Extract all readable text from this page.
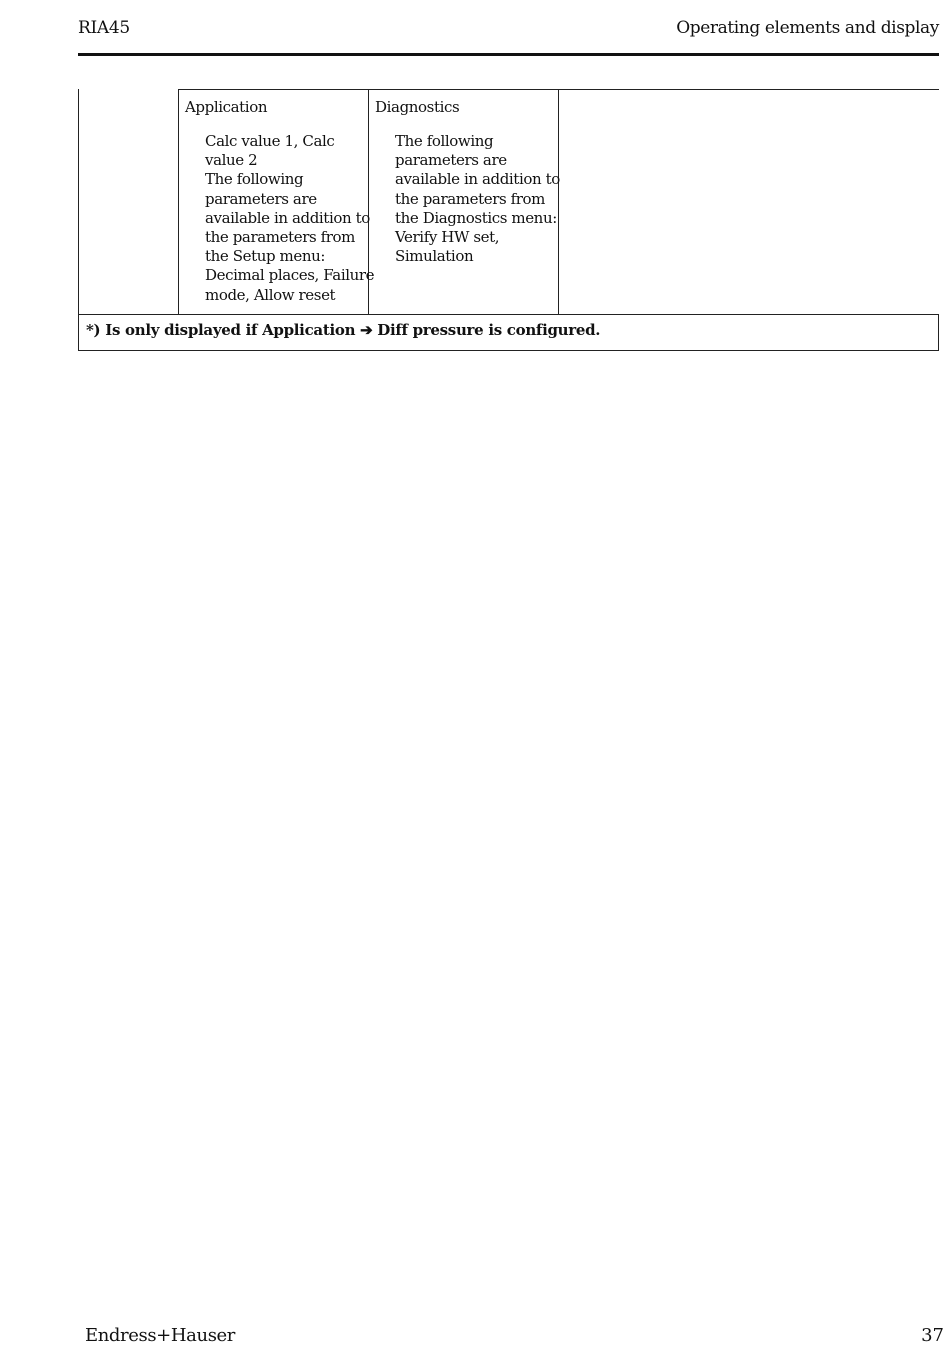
RIA45	Operating elements and display
Application
Calc value 1, Calc
value 2
The following
parameters are
available in addition to
the parameters from
the Setup menu:
Decimal places, Failure
mode, Allow reset
Diagnostics
The following
parameters are
available in addition to
the parameters from
the Diagnostics menu:
Verify HW set,
Simulation
*) Is only displayed if Application ➔ Diff pressure is configured.
Endress+Hauser	37
